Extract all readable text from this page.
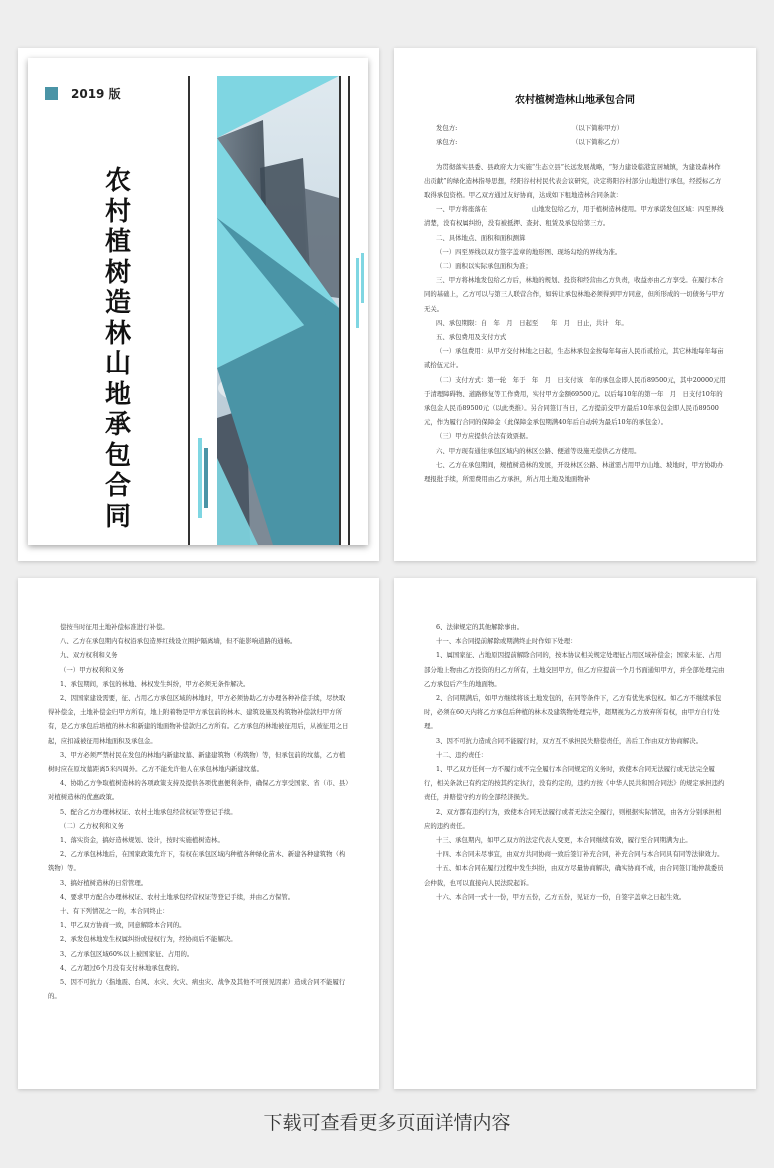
2019 版
农
村
植
树
造
林
山
地
承
包
合
同
农村植树造林山地承包合同
发包方:	（以下简称甲方）
承包方:	（以下简称乙方）

为贯彻落实县委、县政府大力实施“生态立县”长远发展战略，“努力建设临港宜居城镇，为建设森林作出贡献”的绿化造林指导思想，经阳谷村村民代表会议研究，决定将阳谷村部分山地进行承包，经授标乙方取得承包资格。甲乙双方通过友好协商，达成如下租地造林合同条款：

一、甲方将座落在　　　　　　　山地发包给乙方，用于植树造林使用。甲方承诺发包区域：四至界线清楚，没有权属纠纷，没有被抵押、查封、租赁及承包给第三方。

二、具体地点、面积和面积测算

（一）四至界线以双方签字盖章的地形图、现场勾绘的界线为准。

（二）面积以实际承包面积为准；

三、甲方将林地发包给乙方后，林地的规划、投资和经营由乙方负责，收益亦由乙方享受。在履行本合同的基础上，乙方可以与第三人联营合作，如转让承包林地必须得到甲方同意，但所形成的一切债务与甲方无关。

四、承包期限：自　年　月　日起至　　年　月　日止，共计　年。

五、承包费用及支付方式

（一）承包费用：从甲方交付林地之日起，生态林承包金按每年每亩人民币贰拾元，其它林地每年每亩贰拾伍元计。

（二）支付方式：第一轮　年于　年　月　日支付该　年的承包金即人民币89500元，其中20000元用于清理障碍物、道路修复等工作费用，实付甲方金额69500元。以后每10年的第一年　月　日支付10年的承包金人民币89500元（以此类推）。另合同签订当日，乙方提前交甲方最后10年承包金即人民币89500元，作为履行合同的保障金（此保障金承包期满40年后自动转为最后10年的承包金）。

（三）甲方应提供合法有效票据。

六、甲方现有通往承包区域内的林区公路、便道等设施无偿供乙方使用。

七、乙方在承包期间，规植树造林的发展，开设林区公路、林道需占用甲方山地、坡地时，甲方协助办理报批手续，所需费用由乙方承担，所占用土地及地面物补

偿按当时征用土地补偿标准进行补偿。

八、乙方在承包期内有权沿承包造界红线设立围护隔离墙，但不能影响道路的通畅。

九、双方权利和义务

（一）甲方权利和义务

1、承包期间，承包的林地、林权发生纠纷，甲方必须无条件解决。

2、因国家建设需要，征、占用乙方承包区域的林地时，甲方必须协助乙方办理各种补偿手续，尽快取得补偿金，土地补偿金归甲方所有，地上附着物是甲方承包前的林木、建筑设施及构筑物补偿款归甲方所有，是乙方承包后培植的林木和新建的地面物补偿款归乙方所有。乙方承包的林地被征用后，从被征用之日起，应扣减被征用林地面积及承包金。

3、甲方必须严禁村民在发包的林地内新建坟墓、新建建筑物（构筑物）等，但承包前的坟墓，乙方植树时应在原坟墓距离5米四周外。乙方不能允许他人在承包林地内新建坟墓。

4、协助乙方争取植树造林的各项政策支持及提供各项优惠便利条件，确保乙方享受国家、省（市、县）对植树造林的优惠政策。

5、配合乙方办理林权证、农村土地承包经营权证等登记手续。

（二）乙方权利和义务

1、落实资金，搞好造林规划、设计，按时实施植树造林。

2、乙方承包林地后，在国家政策允许下，有权在承包区域内种植各种绿化苗木、新建各种建筑物（构筑物）等。

3、搞好植树造林的日常管理。

4、要求甲方配合办理林权证、农村土地承包经营权证等登记手续，并由乙方保管。

十、有下列情况之一的，本合同终止：

1、甲乙双方协商一致，同意解除本合同的。

2、承发包林地发生权属纠纷或侵权行为，经协商后不能解决。

3、乙方承包区域60%以上被国家征、占用的。

4、乙方超过6个月没有支付林地承包费的。

5、因不可抗力（指地震、台风、水灾、火灾、病虫灾、战争及其他不可预见因素）造成合同不能履行的。

6、法律规定的其他解除事由。

十一、本合同提前解除或期满终止时作如下处理：

1、属国家征、占地原因提前解除合同的，按本协议相关规定处理征占用区域补偿金；国家未征、占用部分地上物由乙方投资的归乙方所有，土地交回甲方，但乙方应提前一个月书面通知甲方，并全部处理完由乙方承包后产生的地面物。

2、合同期满后，如甲方继续将该土地发包的，在同等条件下，乙方有优先承包权。如乙方不继续承包时，必须在60天内将乙方承包后种植的林木及建筑物处理完毕，超期视为乙方放弃所有权，由甲方自行处理。

3、因不可抗力造成合同不能履行时，双方互不承担民失赔偿责任，善后工作由双方协商解决。

十二、违约责任：

1、甲乙双方任何一方不履行或不完全履行本合同规定的义务时，致使本合同无法履行或无法完全履行，相关条款已有约定的按其约定执行，没有约定的，违约方按《中华人民共和国合同法》的规定承担违约责任，并赔偿守约方的全部经济损失。

2、双方都有违约行为，致使本合同无法履行或者无法完全履行，则根据实际情况，由各方分别承担相应的违约责任。

十三、承包期内，如甲乙双方的法定代表人变更，本合同继续有效，履行至合同期满为止。

十四、本合同未尽事宜，由双方共同协商一致后签订补充合同，补充合同与本合同具有同等法律效力。

十五、如本合同在履行过程中发生纠纷，由双方尽量协商解决，确实协商不成，由合同签订地仲裁委员会仲裁，也可以直接向人民法院起诉。

十六、本合同一式十一份，甲方五份，乙方五份，见证方一份，自签字盖章之日起生效。

下载可查看更多页面详情内容
